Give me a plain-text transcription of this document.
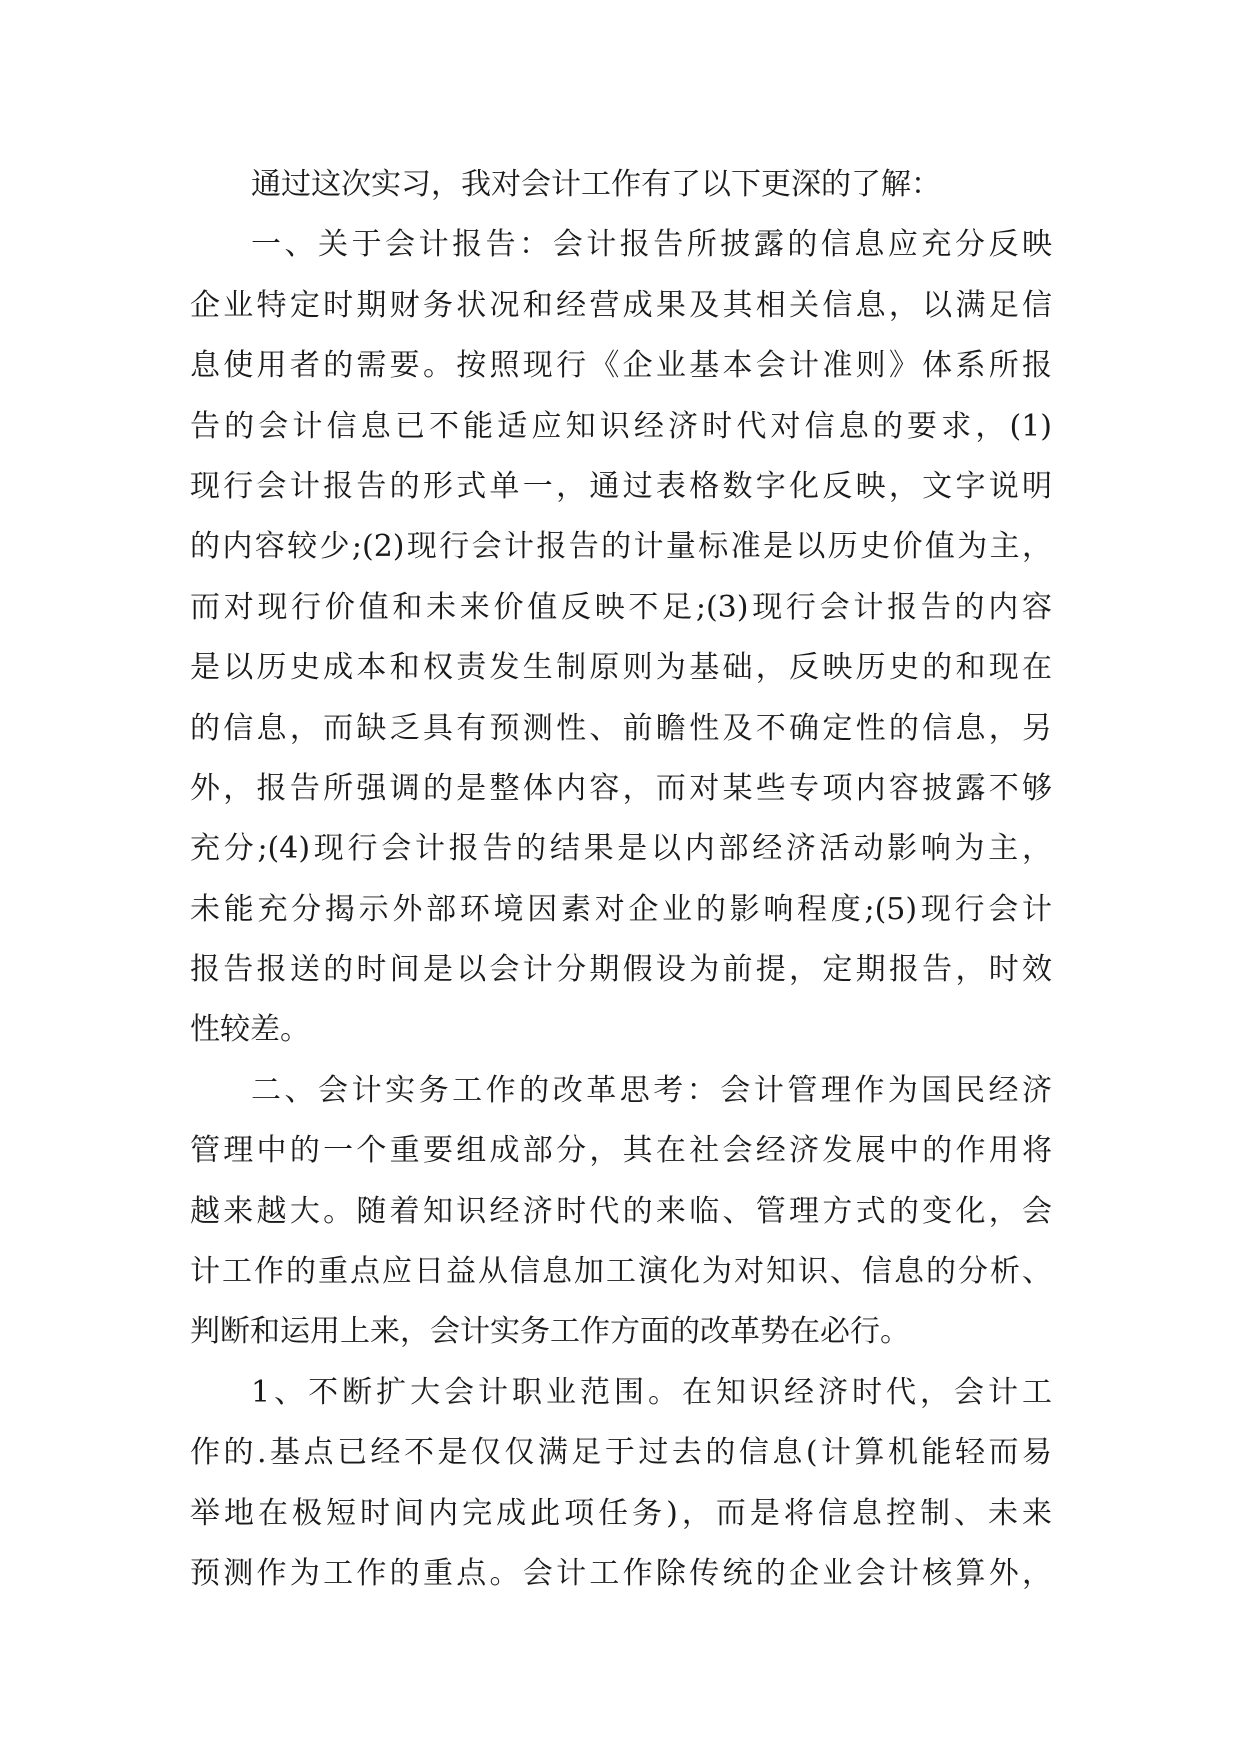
通过这次实习，我对会计工作有了以下更深的了解：
一、关于会计报告：会计报告所披露的信息应充分反映
企业特定时期财务状况和经营成果及其相关信息，以满足信
息使用者的需要。按照现行《企业基本会计准则》体系所报
告的会计信息已不能适应知识经济时代对信息的要求，(1)
现行会计报告的形式单一，通过表格数字化反映，文字说明
的内容较少;(2)现行会计报告的计量标准是以历史价值为主，
而对现行价值和未来价值反映不足;(3)现行会计报告的内容
是以历史成本和权责发生制原则为基础，反映历史的和现在
的信息，而缺乏具有预测性、前瞻性及不确定性的信息，另
外，报告所强调的是整体内容，而对某些专项内容披露不够
充分;(4)现行会计报告的结果是以内部经济活动影响为主，
未能充分揭示外部环境因素对企业的影响程度;(5)现行会计
报告报送的时间是以会计分期假设为前提，定期报告，时效
性较差。
二、会计实务工作的改革思考：会计管理作为国民经济
管理中的一个重要组成部分，其在社会经济发展中的作用将
越来越大。随着知识经济时代的来临、管理方式的变化，会
计工作的重点应日益从信息加工演化为对知识、信息的分析、
判断和运用上来，会计实务工作方面的改革势在必行。
1、不断扩大会计职业范围。在知识经济时代，会计工
作的.基点已经不是仅仅满足于过去的信息(计算机能轻而易
举地在极短时间内完成此项任务)，而是将信息控制、未来
预测作为工作的重点。会计工作除传统的企业会计核算外，
